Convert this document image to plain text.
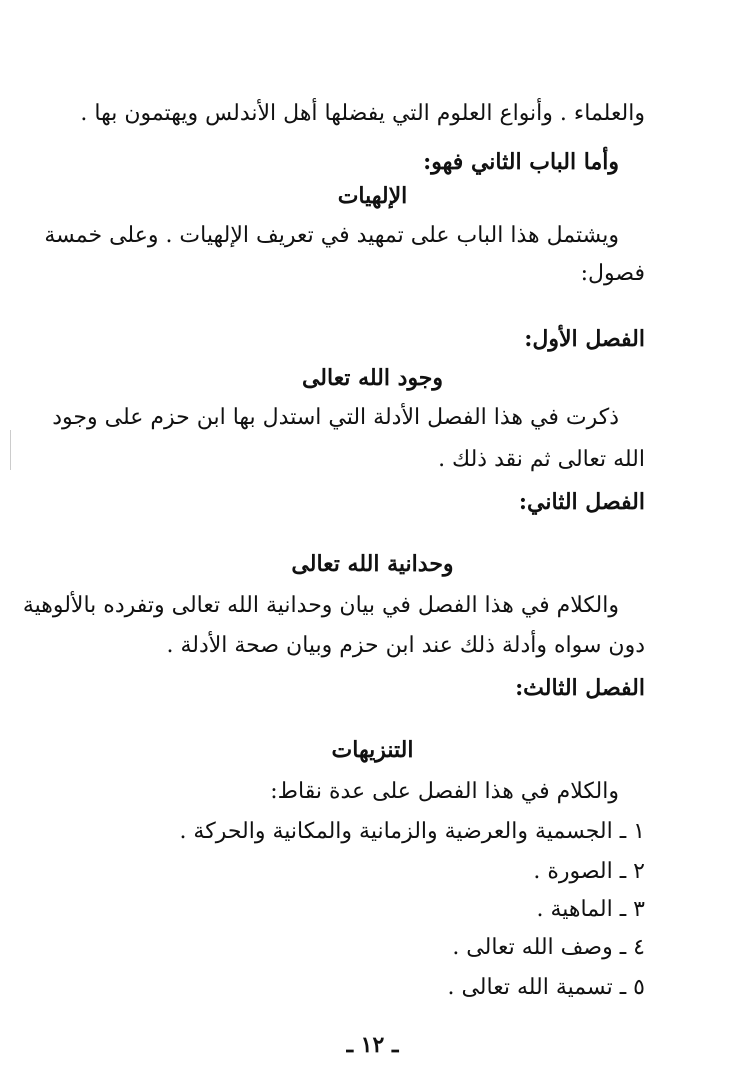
والعلماء . وأنواع العلوم التي يفضلها أهل الأندلس ويهتمون بها .
وأما الباب الثاني فهو:
الإلهيات
ويشتمل هذا الباب على تمهيد في تعريف الإلهيات . وعلى خمسة
فصول:
الفصل الأول:
وجود الله تعالى
ذكرت في هذا الفصل الأدلة التي استدل بها ابن حزم على وجود
الله تعالى ثم نقد ذلك .
الفصل الثاني:
وحدانية الله تعالى
والكلام في هذا الفصل في بيان وحدانية الله تعالى وتفرده بالألوهية
دون سواه وأدلة ذلك عند ابن حزم وبيان صحة الأدلة .
الفصل الثالث:
التنزيهات
والكلام في هذا الفصل على عدة نقاط:
١ ـ الجسمية والعرضية والزمانية والمكانية والحركة .
٢ ـ الصورة .
٣ ـ الماهية .
٤ ـ وصف الله تعالى .
٥ ـ تسمية الله تعالى .
ـ ١٢ ـ
